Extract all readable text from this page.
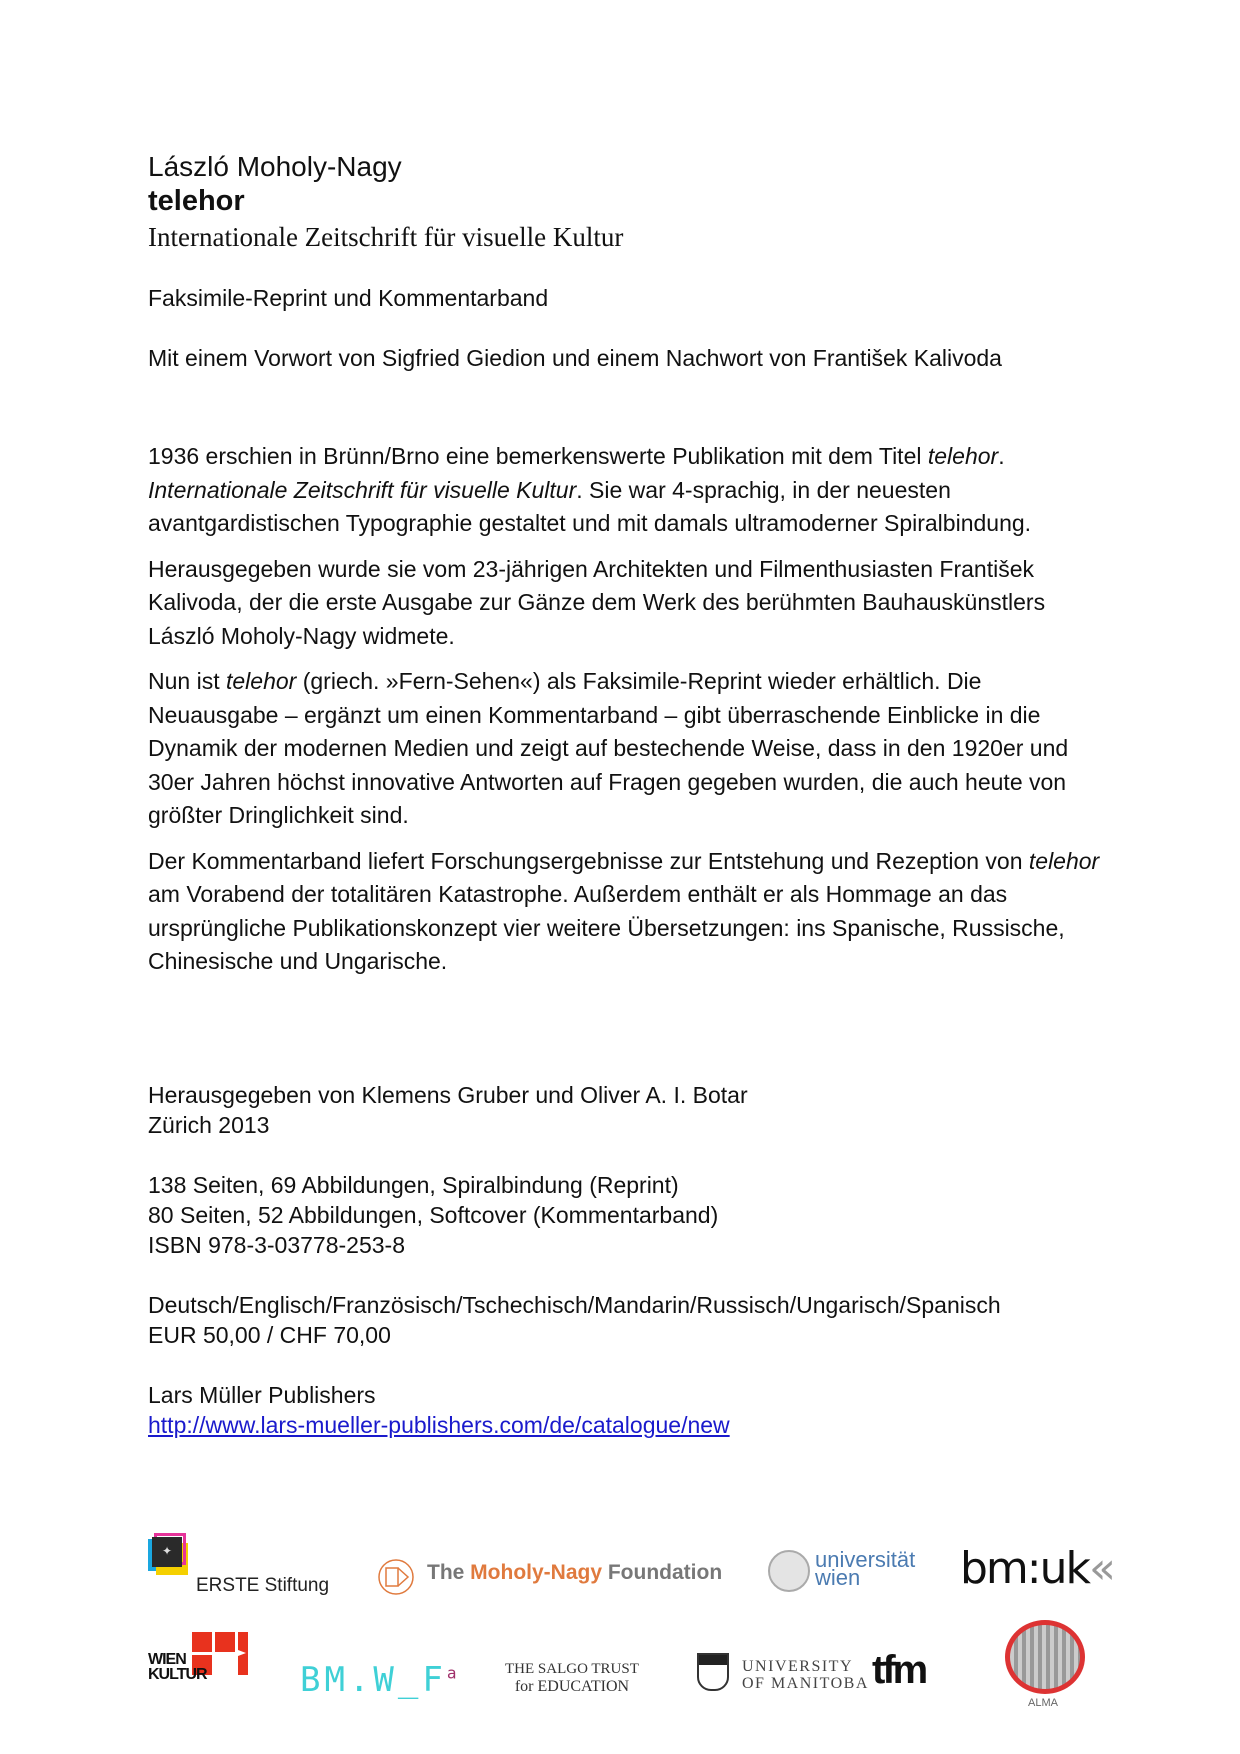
László Moholy-Nagy
telehor
Internationale Zeitschrift für visuelle Kultur
Faksimile-Reprint und Kommentarband
Mit einem Vorwort von Sigfried Giedion und einem Nachwort von František Kalivoda

1936 erschien in Brünn/Brno eine bemerkenswerte Publikation mit dem Titel telehor. Internationale Zeitschrift für visuelle Kultur. Sie war 4-sprachig, in der neuesten avantgardistischen Typographie gestaltet und mit damals ultramoderner Spiralbindung.

Herausgegeben wurde sie vom 23-jährigen Architekten und Filmenthusiasten František Kalivoda, der die erste Ausgabe zur Gänze dem Werk des berühmten Bauhauskünstlers László Moholy-Nagy widmete.

Nun ist telehor (griech. »Fern-Sehen«) als Faksimile-Reprint wieder erhältlich. Die Neuausgabe – ergänzt um einen Kommentarband – gibt überraschende Einblicke in die Dynamik der modernen Medien und zeigt auf bestechende Weise, dass in den 1920er und 30er Jahren höchst innovative Antworten auf Fragen gegeben wurden, die auch heute von größter Dringlichkeit sind.

Der Kommentarband liefert Forschungsergebnisse zur Entstehung und Rezeption von telehor am Vorabend der totalitären Katastrophe. Außerdem enthält er als Hommage an das ursprüngliche Publikationskonzept vier weitere Übersetzungen: ins Spanische, Russische, Chinesische und Ungarische.

Herausgegeben von Klemens Gruber und Oliver A. I. Botar
Zürich 2013
138 Seiten, 69 Abbildungen, Spiralbindung (Reprint)
80 Seiten, 52 Abbildungen, Softcover (Kommentarband)
ISBN 978-3-03778-253-8
Deutsch/Englisch/Französisch/Tschechisch/Mandarin/Russisch/Ungarisch/Spanisch
EUR 50,00 / CHF 70,00
Lars Müller Publishers
http://www.lars-mueller-publishers.com/de/catalogue/new
✦
ERSTE Stiftung
The Moholy-Nagy Foundation
universität
wien	bm:uk«
WIEN
KULTUR	$BM.W\_F^a$	THE SALGO TRUST
for EDUCATION
UNIVERSITY
OF MANITOBA tfm
ALMA
